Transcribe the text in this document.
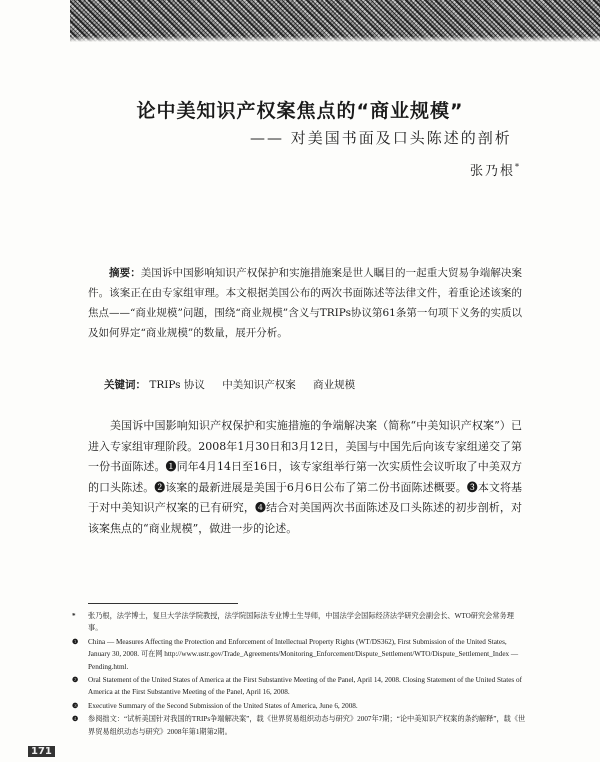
论中美知识产权案焦点的“商业规模”
—— 对美国书面及口头陈述的剖析
张乃根*

摘要：美国诉中国影响知识产权保护和实施措施案是世人瞩目的一起重大贸易争端解决案件。该案正在由专家组审理。本文根据美国公布的两次书面陈述等法律文件，着重论述该案的焦点——“商业规模”问题，围绕“商业规模”含义与TRIPs协议第61条第一句项下义务的实质以及如何界定“商业规模”的数量，展开分析。

关键词： TRIPs 协议 中美知识产权案 商业规模

美国诉中国影响知识产权保护和实施措施的争端解决案（简称“中美知识产权案”）已进入专家组审理阶段。2008年1月30日和3月12日，美国与中国先后向该专家组递交了第一份书面陈述。❶同年4月14日至16日，该专家组举行第一次实质性会议听取了中美双方的口头陈述。❷该案的最新进展是美国于6月6日公布了第二份书面陈述概要。❸本文将基于对中美知识产权案的已有研究，❹结合对美国两次书面陈述及口头陈述的初步剖析，对该案焦点的“商业规模”，做进一步的论述。

*	张乃根，法学博士，复旦大学法学院教授，法学院国际法专业博士生导师，中国法学会国际经济法学研究会副会长、WTO研究会常务理事。
❶	China — Measures Affecting the Protection and Enforcement of Intellectual Property Rights (WT/DS362), First Submission of the United States, January 30, 2008. 可在网 http://www.ustr.gov/Trade_Agreements/Monitoring_Enforcement/Dispute_Settlement/WTO/Dispute_Settlement_Index — Pending.html.
❷	Oral Statement of the United States of America at the First Substantive Meeting of the Panel, April 14, 2008. Closing Statement of the United States of America at the First Substantive Meeting of the Panel, April 16, 2008.
❸	Executive Summary of the Second Submission of the United States of America, June 6, 2008.
❹	参阅拙文：“试析美国针对我国的TRIPs争端解决案”，载《世界贸易组织动态与研究》2007年7期；“论中美知识产权案的条约解释”，载《世界贸易组织动态与研究》2008年第1期第2期。
171
